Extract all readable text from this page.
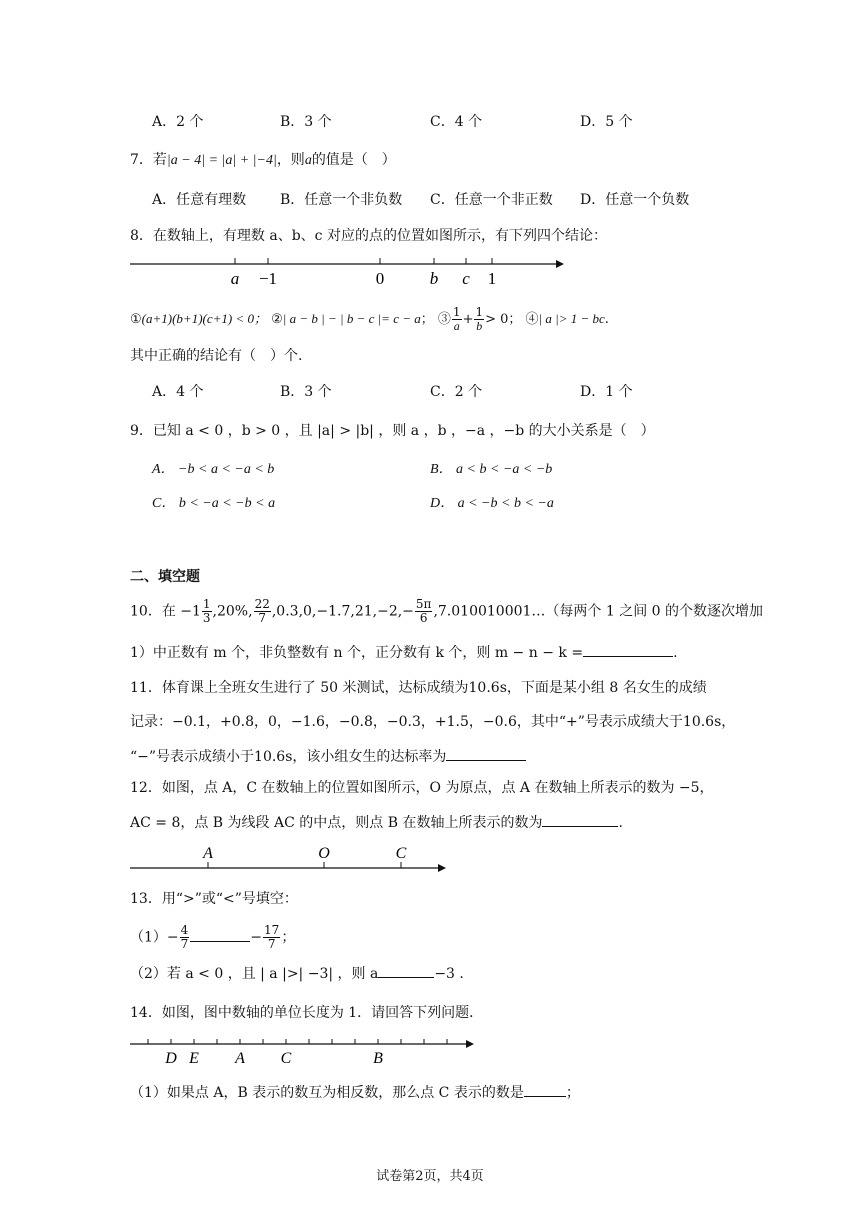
A．2 个	B．3 个	C．4 个	D．5 个
7．若|a − 4| = |a| + |−4|，则a的值是（　）
A．任意有理数 B．任意一个非负数 C．任意一个非正数 D．任意一个负数
8．在数轴上，有理数 a、b、c 对应的点的位置如图所示，有下列四个结论：
a −1	0	b c 1
①(a+1)(b+1)(c+1) < 0； ②| a − b | − | b − c |= c − a； ③ $\frac{1}{a} + \frac{1}{b} > 0$； ④| a |> 1 − bc.
其中正确的结论有（　）个.
A．4 个	B．3 个	C．2 个	D．1 个
9．已知 a < 0 ，b > 0 ，且 |a| > |b| ，则 a ，b ，−a ，−b 的大小关系是（　）
A． −b < a < −a < b	B． a < b < −a < −b
C． b < −a < −b < a	D． a < −b < b < −a
二、填空题
10．在 $-1 \frac{1}{3} ,20\%$, $\frac{22}{7} ,0.3,0,-1.7,21,-2,- \frac{5\pi}{6}$ ,7.010010001…（每两个 1 之间 0 的个数逐次增加
1）中正数有 m 个，非负整数有 n 个，正分数有 k 个，则 m − n − k =	.
11．体育课上全班女生进行了 50 米测试，达标成绩为10.6s，下面是某小组 8 名女生的成绩
记录：−0.1，+0.8，0，−1.6，−0.8，−0.3，+1.5，−0.6，其中“+”号表示成绩大于10.6s，
“−”号表示成绩小于10.6s，该小组女生的达标率为
12．如图，点 A，C 在数轴上的位置如图所示，O 为原点，点 A 在数轴上所表示的数为 −5，
AC = 8，点 B 为线段 AC 的中点，则点 B 在数轴上所表示的数为	.
A	O	C
13．用“>”或“<”号填空：
$(1)- \frac{4}{7}$	− $\frac{17}{7}$ ；
（2）若 a < 0 ，且 | a |>| −3| ，则 a	−3 .
14．如图，图中数轴的单位长度为 1．请回答下列问题．
D E A C	B
（1）如果点 A，B 表示的数互为相反数，那么点 C 表示的数是	；
试卷第2页，共4页
